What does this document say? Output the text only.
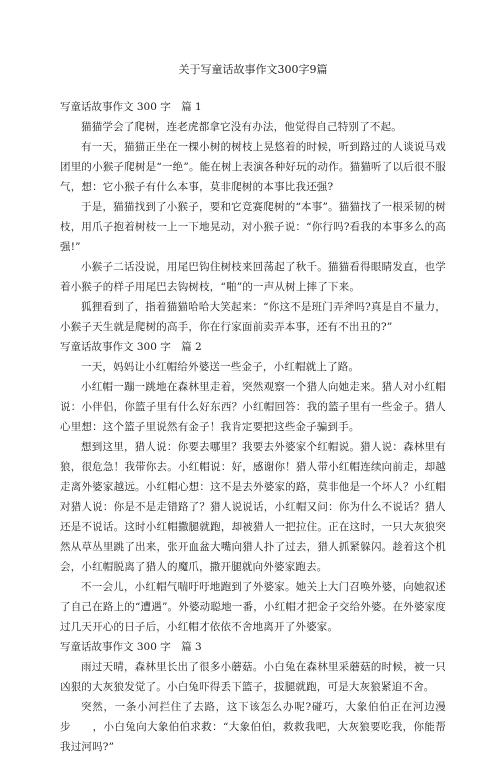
关于写童话故事作文300字9篇
写童话故事作文 300 字　篇 1

猫猫学会了爬树，连老虎都拿它没有办法，他觉得自己特别了不起。

有一天，猫猫正坐在一棵小树的树枝上晃悠着的时候，听到路过的人谈说马戏团里的小猴子爬树是“一绝”。能在树上表演各种好玩的动作。猫猫听了以后很不服气，想：它小猴子有什么本事，莫非爬树的本事比我还强?

于是，猫猫找到了小猴子，要和它竞赛爬树的“本事”。猫猫找了一根采韧的树枝，用爪子抱着树枝一上一下地晃动，对小猴子说：“你行吗?看我的本事多么的高强!”

小猴子二话没说，用尾巴钩住树枝来回荡起了秋千。猫猫看得眼睛发直，也学着小猴子的样子用尾巴去钩树枝，“啪”的一声从树上摔了下来。

狐狸看到了，指着猫猫哈哈大笑起来：“你这不是班门弄斧吗?真是自不量力，小猴子天生就是爬树的高手，你在行家面前卖弄本事，还有不出丑的?”

写童话故事作文 300 字　篇 2

一天，妈妈让小红帽给外婆送一些金子，小红帽就上了路。

小红帽一蹦一跳地在森林里走着，突然观察一个猎人向她走来。猎人对小红帽说：小伴侣，你篮子里有什么好东西？小红帽回答：我的篮子里有一些金子。猎人心里想：这个篮子里说然有金子！我肯定要把这些金子骗到手。

想到这里，猎人说：你要去哪里？我要去外婆家个红帽说。猎人说：森林里有狼，很危急！我带你去。小红帽说：好，感谢你！猎人带小红帽连续向前走，却越走离外婆家越远。小红帽心想：这不是去外婆家的路，莫非他是一个坏人？小红帽对猎人说：你是不是走错路了？猎人说说话，小红帽又问：你为什么不说话？猎人还是不说话。这时小红帽撒腿就跑，却被猎人一把拉住。正在这时，一只大灰狼突然从草丛里跳了出来，张开血盆大嘴向猎人扑了过去，猎人抓紧躲闪。趁着这个机会，小红帽脱离了猎人的魔爪，撒开腿就向外婆家跑去。

不一会儿，小红帽气喘吁吁地跑到了外婆家。她关上大门召唤外婆，向她叙述了自己在路上的“遭遇”。外婆动聪地一番，小红帽才把金子交给外婆。在外婆家度过几天开心的日子后，小红帽才依依不舍地离开了外婆家。

写童话故事作文 300 字　篇 3

雨过天晴，森林里长出了很多小蘑菇。小白兔在森林里采蘑菇的时候，被一只凶狠的大灰狼发觉了。小白兔吓得丢下篮子，拔腿就跑，可是大灰狼紧追不舍。

突然，一条小河拦住了去路，这下该怎么办呢?碰巧，大象伯伯正在河边漫步　　，小白兔向大象伯伯求救：“大象伯伯，救救我吧，大灰狼要吃我，你能帮我过河吗?”
